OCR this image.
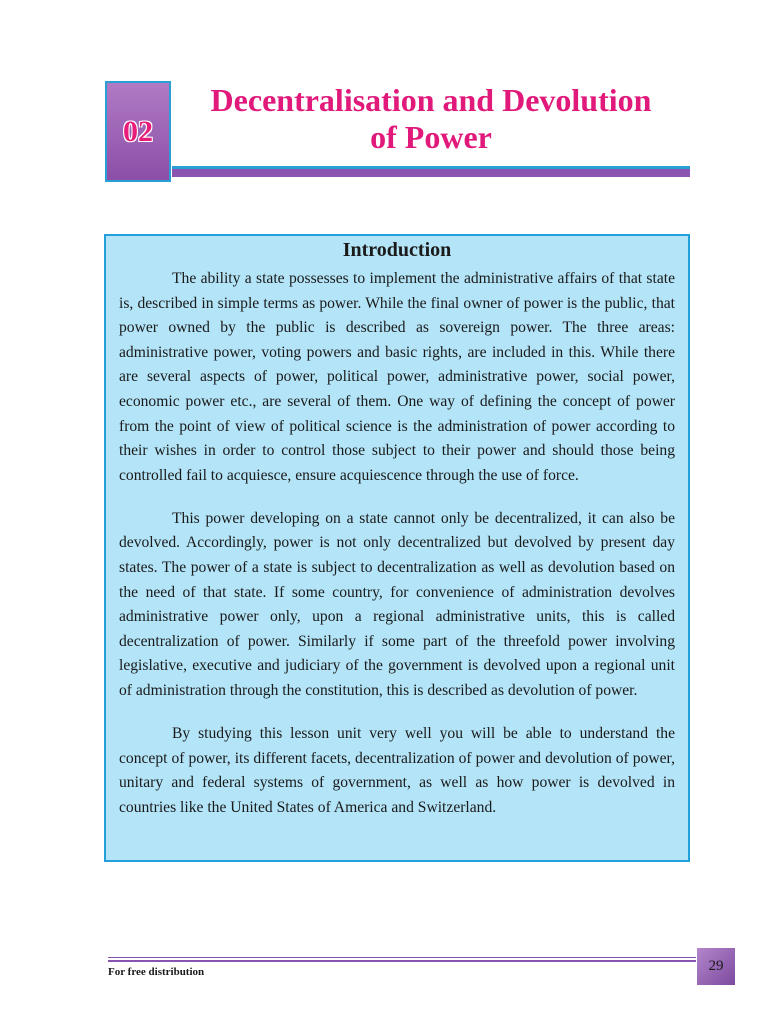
02
Decentralisation and Devolution
of Power
Introduction

The ability a state possesses to implement the administrative affairs of that state is, described in simple terms as power. While the final owner of power is the public, that power owned by the public is described as sovereign power. The three areas: administrative power, voting powers and basic rights, are included in this. While there are several aspects of power, political power, administrative power, social power, economic power etc., are several of them. One way of defining the concept of power from the point of view of political science is the administration of power according to their wishes in order to control those subject to their power and should those being controlled fail to acquiesce, ensure acquiescence through the use of force.

This power developing on a state cannot only be decentralized, it can also be devolved. Accordingly, power is not only decentralized but devolved by present day states. The power of a state is subject to decentralization as well as devolution based on the need of that state. If some country, for convenience of administration devolves administrative power only, upon a regional administrative units, this is called decentralization of power. Similarly if some part of the threefold power involving legislative, executive and judiciary of the government is devolved upon a regional unit of administration through the constitution, this is described as devolution of power.

By studying this lesson unit very well you will be able to understand the concept of power, its different facets, decentralization of power and devolution of power, unitary and federal systems of government, as well as how power is devolved in countries like the United States of America and Switzerland.

For free distribution	29
